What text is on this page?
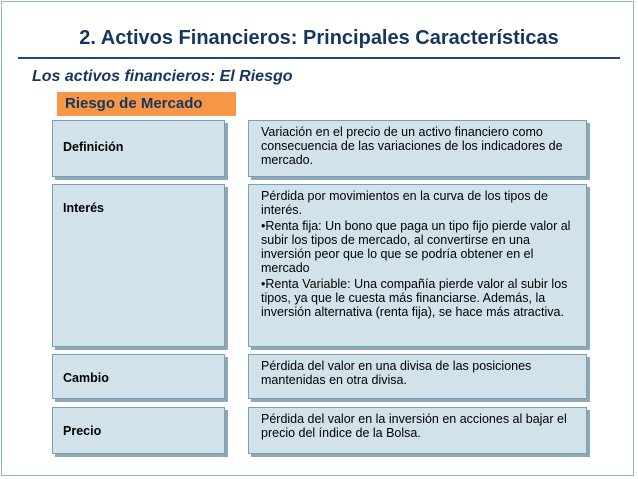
2. Activos Financieros: Principales Características
Los activos financieros: El Riesgo
Riesgo de Mercado
Definición

Variación en el precio de un activo financiero como consecuencia de las variaciones de los indicadores de mercado.

Interés

Pérdida por movimientos en la curva de los tipos de interés.

•Renta fija: Un bono que paga un tipo fijo pierde valor al subir los tipos de mercado, al convertirse en una inversión peor que lo que se podría obtener en el mercado

•Renta Variable: Una compañía pierde valor al subir los tipos, ya que le cuesta más financiarse. Además, la inversión alternativa (renta fija), se hace más atractiva.

Cambio

Pérdida del valor en una divisa de las posiciones mantenidas en otra divisa.

Precio

Pérdida del valor en la inversión en acciones al bajar el precio del índice de la Bolsa.
